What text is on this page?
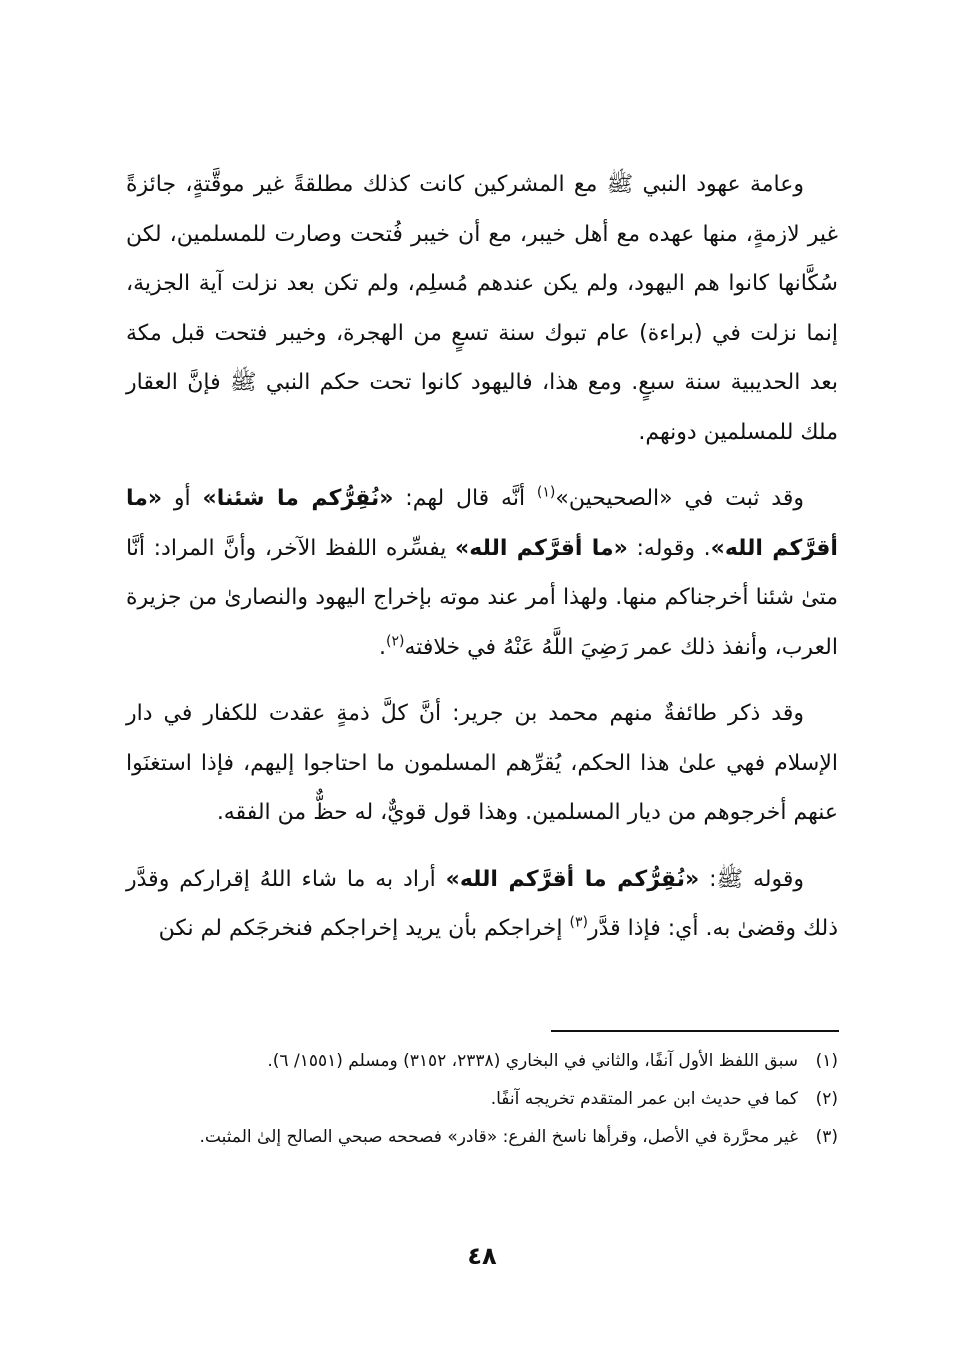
وعامة عهود النبي ﷺ مع المشركين كانت كذلك مطلقةً غير موقَّتةٍ، جائزةً غير لازمةٍ، منها عهده مع أهل خيبر، مع أن خيبر فُتحت وصارت للمسلمين، لكن سُكَّانها كانوا هم اليهود، ولم يكن عندهم مُسلِم، ولم تكن بعد نزلت آية الجزية، إنما نزلت في (براءة) عام تبوك سنة تسعٍ من الهجرة، وخيبر فتحت قبل مكة بعد الحديبية سنة سبعٍ. ومع هذا، فاليهود كانوا تحت حكم النبي ﷺ فإنَّ العقار ملك للمسلمين دونهم.

وقد ثبت في «الصحيحين»$^{(١)}$ أنَّه قال لهم: «نُقِرُّكم ما شئنا» أو «ما أقرَّكم الله». وقوله: «ما أقرَّكم الله» يفسِّره اللفظ الآخر، وأنَّ المراد: أنَّا متىٰ شئنا أخرجناكم منها. ولهذا أمر عند موته بإخراج اليهود والنصارىٰ من جزيرة العرب، وأنفذ ذلك عمر رَضِيَ اللَّهُ عَنْهُ في خلافته$^{(٢)}$.

وقد ذكر طائفةٌ منهم محمد بن جرير: أنَّ كلَّ ذمةٍ عقدت للكفار في دار الإسلام فهي علىٰ هذا الحكم، يُقرِّهم المسلمون ما احتاجوا إليهم، فإذا استغنَوا عنهم أخرجوهم من ديار المسلمين. وهذا قول قويٌّ، له حظٌّ من الفقه.

وقوله ﷺ: «نُقِرُّكم ما أقرَّكم الله» أراد به ما شاء اللهُ إقراركم وقدَّر ذلك وقضىٰ به. أي: فإذا قدَّر$^{(٣)}$ إخراجكم بأن يريد إخراجكم فنخرجَكم لم نكن

(١)
سبق اللفظ الأول آنفًا، والثاني في البخاري (٢٣٣٨، ٣١٥٢) ومسلم (١٥٥١/ ٦).
(٢)
كما في حديث ابن عمر المتقدم تخريجه آنفًا.
(٣)
غير محرَّرة في الأصل، وقرأها ناسخ الفرع: «قادر» فصححه صبحي الصالح إلىٰ المثبت.
٤٨
